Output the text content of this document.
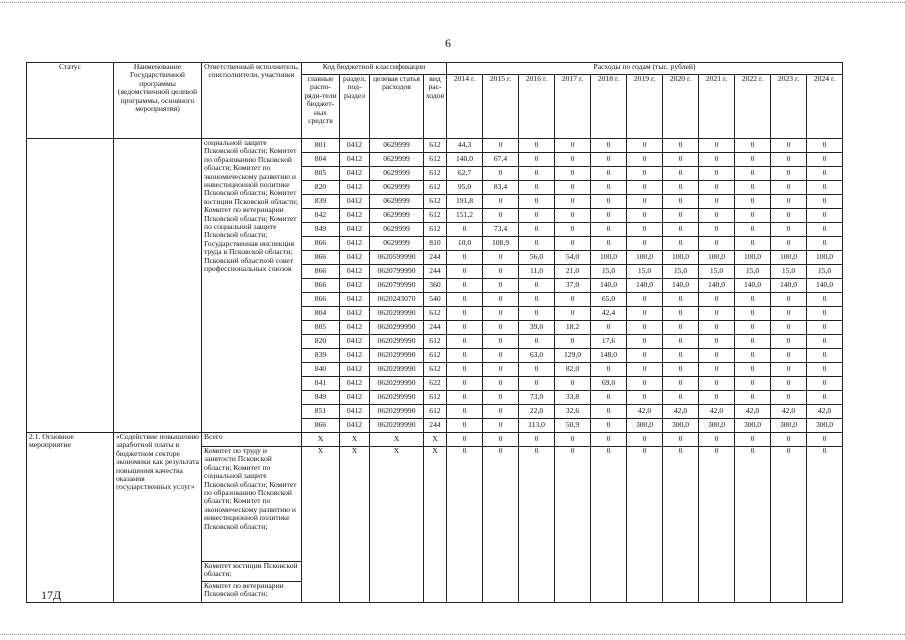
6
Статус	Наименование Государственной программы (ведомственной целевой программы, основного мероприятия)	Ответственный исполнитель, соисполнители, участники	Код бюджетной классификации				Расходы по годам (тыс. рублей)										
			главные распо-ряди-тели бюджет-ных средств	раздел, под-раздел	целевая статья расходов	вид рас-ходов	2014 г.	2015 г.	2016 г.	2017 г.	2018 г.	2019 г.	2020 г.	2021 г.	2022 г.	2023 г.	2024 г.
		социальной защите Псковской области; Комитет по образованию Псковской области; Комитет по экономическому развитию и инвестиционной политике Псковской области; Комитет юстиции Псковской области; Комитет по ветеринарии Псковской области; Комитет по социальной защите Псковской области; Государственная инспекция труда в Псковской области; Псковский областной совет профессиональных союзов	801	0412	0629999	612	44,3	0	0	0	0	0	0	0	0	0	0
			804	0412	0629999	612	140,0	67,4	0	0	0	0	0	0	0	0	0
			805	0412	0629999	612	62,7	0	0	0	0	0	0	0	0	0	0
			820	0412	0629999	612	95,0	83,4	0	0	0	0	0	0	0	0	0
			839	0412	0629999	612	191,8	0	0	0	0	0	0	0	0	0	0
			842	0412	0629999	612	151,2	0	0	0	0	0	0	0	0	0	0
			849	0412	0629999	612	0	73,4	0	0	0	0	0	0	0	0	0
			866	0412	0629999	810	10,0	108,9	0	0	0	0	0	0	0	0	0
			866	0412	0620599990	244	0	0	56,0	54,0	100,0	100,0	100,0	100,0	100,0	100,0	100,0
			866	0412	0620799990	244	0	0	11,0	21,0	15,0	15,0	15,0	15,0	15,0	15,0	15,0
			866	0412	0620799990	360	0	0	0	37,0	140,0	140,0	140,0	140,0	140,0	140,0	140,0
			866	0412	0620243070	540	0	0	0	0	65,0	0	0	0	0	0	0
			804	0412	0620299990	612	0	0	0	0	42,4	0	0	0	0	0	0
			805	0412	0620299990	244	0	0	39,0	18,2	0	0	0	0	0	0	0
			820	0412	0620299990	612	0	0	0	0	17,6	0	0	0	0	0	0
			839	0412	0620299990	612	0	0	63,0	129,0	148,0	0	0	0	0	0	0
			840	0412	0620299990	612	0	0	0	82,0	0	0	0	0	0	0	0
			841	0412	0620299990	622	0	0	0	0	69,0	0	0	0	0	0	0
			849	0412	0620299990	612	0	0	73,0	33,8	0	0	0	0	0	0	0
			851	0412	0620299990	612	0	0	22,0	32,6	0	42,0	42,0	42,0	42,0	42,0	42,0
			866	0412	0620299990	244	0	0	113,0	50,9	0	300,0	300,0	300,0	300,0	300,0	300,0
2.1. Основное мероприятие	«Содействие повышению заработной платы в бюджетном секторе экономики как результата повышения качества оказания государственных услуг»	Всего	X	X	X	X	0	0	0	0	0	0	0	0	0	0	0
		Комитет по труду и занятости Псковской области; Комитет по социальной защите Псковской области; Комитет по образованию Псковской области; Комитет по экономическому развитию и инвестиционной политике Псковской области;	X	X	X	X	0	0	0	0	0	0	0	0	0	0	0
		Комитет юстиции Псковской области;															
		Комитет по ветеринарии Псковской области;															
17Д
